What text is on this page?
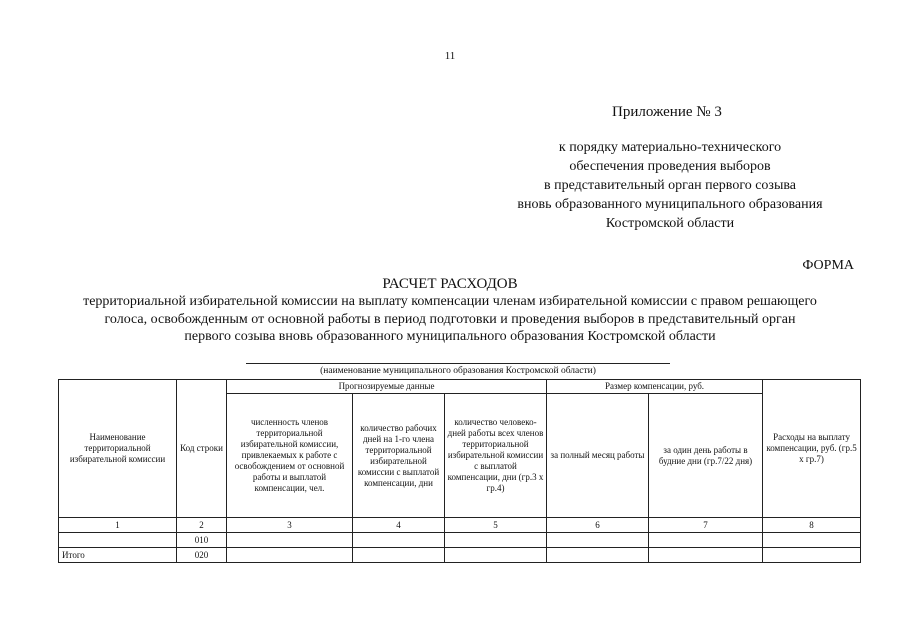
11
Приложение № 3
к порядку материально-технического
обеспечения проведения выборов
в представительный орган первого созыва
вновь образованного муниципального образования
Костромской области
ФОРМА
РАСЧЕТ РАСХОДОВ
территориальной избирательной комиссии на выплату компенсации членам избирательной комиссии с правом решающего
голоса, освобожденным от основной работы в период подготовки и проведения выборов в представительный орган
первого созыва вновь образованного муниципального образования Костромской области
(наименование муниципального образования Костромской области)
Наименование территориальной избирательной комиссии	Код строки	Прогнозируемые данные			Размер компенсации, руб.		Расходы на выплату компенсации, руб. (гр.5 х гр.7)
		численность членов территориальной избирательной комиссии, привлекаемых к работе с освобождением от основной работы и выплатой компенсации, чел.	количество рабочих дней на 1-го члена территориальной избирательной комиссии с выплатой компенсации, дни	количество человеко-дней работы всех членов территориальной избирательной комиссии с выплатой компенсации, дни (гр.3 х гр.4)	за полный месяц работы	за один день работы в будние дни (гр.7/22 дня)	
1	2	3	4	5	6	7	8
	010						
Итого	020						
